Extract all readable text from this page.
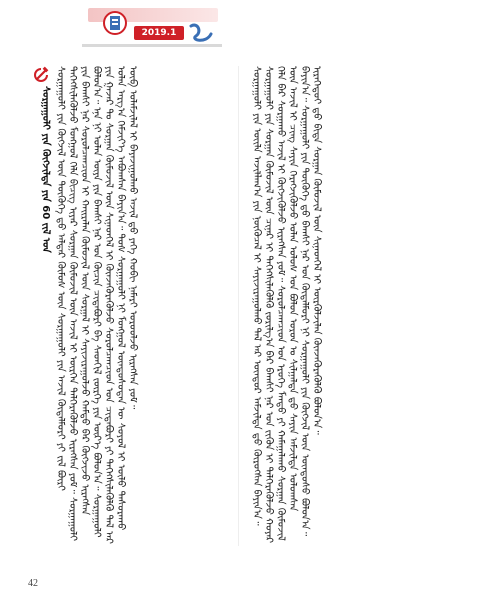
2019.1
ᠰᠤᠷᠭᠠᠭᠤᠯᠢ ᠶᠢᠨ ᠬᠥᠭᠵᠢᠯᠲᠡ ᠶᠢᠨ 60 ᠵᠢᠯ ᠤᠨ ᠰᠤᠷᠭᠠᠭᠤᠯᠢ ᠶᠢᠨ ᠬᠥᠭᠵᠢᠯ ᠦᠨ ᠲᠦᠭᠦᠬᠡ ᠳ᠋ᠦ ᠠᠯᠳᠠᠷ ᠬᠦᠮᠦᠰ ᠦᠨ ᠰᠤᠷᠭᠠᠭᠤᠯᠢ ᠶᠢᠨ ᠠᠵᠢᠯ ᠬᠥᠳᠡᠯᠮᠦᠷᠢ ᠶᠢ ᠵᠢᠯ ᠪᠦᠷᠢ ᠳᠡᠭᠡᠭᠰᠢᠯᠡᠭᠦᠯᠵᠦ ᠮᠣᠩᠭᠣᠯ ᠬᠡᠯᠡ ᠪᠢᠴᠢᠭ ᠢᠶᠡᠷ ᠰᠤᠷᠭᠠᠨ ᠬᠦᠮᠦᠵᠢᠯ ᠦᠨ ᠠᠵᠢᠯ ᠢ ᠥᠷᠭᠡᠨ ᠳᠡᠯᠭᠡᠷᠡᠭᠦᠯᠵᠦ ᠢᠷᠡᠭᠰᠡᠨ ᠶᠤᠮ᠃ ᠰᠤᠷᠭᠠᠭᠤᠯᠢ ᠶᠢᠨ ᠪᠠᠭᠰᠢ ᠨᠠᠷ ᠰᠤᠷᠤᠯᠴᠠᠭᠴᠢᠳ ᠢ ᠬᠠᠢᠷᠠᠯᠠᠨ ᠬᠦᠮᠦᠵᠢᠯ ᠦᠨ ᠰᠤᠷᠭᠠᠯ ᠢ ᠰᠠᠶᠢᠵᠢᠷᠠᠭᠤᠯᠵᠤ ᠬᠠᠮᠲᠤ ᠪᠡᠷ ᠬᠥᠭᠵᠢᠵᠦ ᠢᠷᠡᠭᠰᠡᠨ ᠪᠣᠯᠤᠨ᠎ᠠ᠃ ᠡᠨᠡ ᠨᠢ ᠣᠯᠠᠨ ᠦᠶᠡ ᠶᠢᠨ ᠪᠠᠭᠰᠢ ᠨᠠᠷ ᠤᠨ ᠬᠦᠴᠢᠨ ᠴᠢᠳᠠᠪᠤᠷᠢ ᠪᠠ ᠰᠡᠳᠬᠢᠯ ᠵᠦᠷᠬᠡ ᠶᠢᠨ ᠦᠷ᠎ᠡ ᠪᠣᠯᠤᠨ᠎ᠠ᠃ ᠰᠤᠷᠭᠠᠭᠤᠯᠢ ᠶᠢᠨ ᠭᠠᠵᠠᠷ ᠲᠤ ᠰᠤᠷᠭᠠᠨ ᠬᠦᠮᠦᠵᠢᠯ ᠦᠨ ᠰᠢᠨᠡᠳᠬᠡᠯ ᠢ ᠭᠦᠨᠵᠡᠭᠦᠷᠡᠭᠦᠯᠵᠦ ᠰᠤᠷᠤᠯᠴᠠᠭᠴᠢᠳ ᠤᠨ ᠴᠢᠳᠠᠪᠤᠷᠢ ᠶᠢ ᠳᠡᠭᠡᠭᠰᠢᠯᠡᠭᠦᠯᠬᠦ ᠲᠠᠯ ᠠᠷ ᠣᠯᠠᠨ ᠠᠷᠭ᠎ᠠ ᠬᠡᠮᠵᠢᠶ᠎ᠡ ᠠᠪᠤᠭᠰᠠᠨ ᠪᠠᠶᠢᠨ᠎ᠠ᠃ ᠲᠤᠰ ᠰᠤᠷᠭᠠᠭᠤᠯᠢ ᠨᠢ ᠮᠣᠩᠭᠣᠯ ᠦᠨᠳᠦᠰᠦᠲᠡᠨ ᠦ ᠰᠣᠶᠣᠯ ᠢ ᠦᠯᠦ ᠲᠠᠰᠤᠷᠠᠬᠤ ᠥᠪ ᠤᠯᠠᠮᠵᠢᠯᠠᠯ ᠢ ᠪᠠᠶᠠᠵᠢᠭᠤᠯᠬᠤ ᠠᠵᠢᠯ ᠳ᠋ᠤ ᠶᠡᠬᠡ ᠬᠤᠪᠢ ᠨᠡᠮᠡᠷᠢ ᠣᠷᠤᠤᠯᠵᠤ ᠢᠷᠡᠭᠰᠡᠨ ᠶᠤᠮ᠃	ᠰᠤᠷᠭᠠᠭᠤᠯᠢ ᠶᠢᠨ ᠦᠢᠯᠡ ᠠᠵᠢᠯᠯᠠᠭ᠎ᠠ ᠶᠢᠨ ᠨᠥᠬᠥᠴᠡᠯ ᠢ ᠰᠠᠶᠢᠵᠢᠷᠠᠭᠤᠯᠬᠤ ᠲᠠᠯ ᠠᠷ ᠥᠨᠳᠥᠷ ᠠᠮᠵᠢᠯᠲᠠ ᠳ᠋ᠤ ᠬᠦᠷᠦᠭᠰᠡᠨ ᠪᠠᠶᠢᠨ᠎ᠠ᠃ ᠰᠤᠷᠭᠠᠭᠤᠯᠢ ᠶᠢᠨ ᠰᠤᠷᠭᠠᠨ ᠬᠦᠮᠦᠵᠢᠯ ᠦᠨ ᠴᠢᠨᠠᠷ ᠢ ᠳᠡᠭᠡᠭᠰᠢᠯᠡᠭᠦᠯᠬᠦ ᠵᠣᠷᠢᠯᠭ᠎ᠠ ᠪᠠᠷ ᠪᠠᠭᠰᠢ ᠨᠠᠷ ᠤᠨ ᠵᠢᠭᠦᠨ ᠢ ᠲᠡᠯᠭᠡᠷᠡᠭᠦᠯᠵᠦ ᠬᠣᠶᠠᠷ ᠬᠡᠯᠡ ᠪᠡᠷ ᠰᠤᠷᠭᠠᠬᠤ ᠠᠵᠢᠯ ᠢ ᠬᠥᠭᠵᠢᠭᠦᠯᠵᠦ ᠢᠷᠡᠭᠰᠡᠨ ᠶᠤᠮ᠃ ᠰᠤᠷᠤᠯᠴᠠᠭᠴᠢᠳ ᠤᠨ ᠡᠷᠦᠬᠡ ᠮᠡᠨᠳᠦ ᠶᠢ ᠬᠠᠮᠠᠭᠠᠯᠠᠬᠤ ᠰᠤᠷᠭᠠᠨ ᠬᠦᠮᠦᠵᠢᠯ ᠦᠨ ᠠᠵᠢᠯ ᠢ ᠴᠢᠩ ᠰᠠᠶᠢᠨ ᠬᠡᠷᠡᠭᠵᠢᠭᠦᠯᠵᠦ ᠣᠯᠠᠨ ᠤᠯᠤᠰ ᠤᠨ ᠪᠣᠯᠤᠨ ᠣᠷᠣᠨ ᠤ ᠰᠢᠯᠭᠠᠯᠲᠠ ᠳ᠋ᠤ ᠰᠠᠶᠢᠨ ᠠᠮᠵᠢᠯᠲᠠ ᠣᠯᠤᠭᠰᠠᠨ ᠪᠠᠶᠢᠨ᠎ᠠ᠃ ᠰᠤᠷᠭᠠᠭᠤᠯᠢ ᠶᠢᠨ ᠲᠦᠭᠦᠬᠡ ᠳ᠋ᠦ ᠪᠠᠭᠰᠢ ᠨᠠᠷ ᠤᠨ ᠬᠥᠳᠡᠯᠮᠦᠷᠢ ᠨᠢ ᠰᠤᠷᠭᠠᠭᠤᠯᠢ ᠶᠢᠨ ᠬᠥᠭᠵᠢᠯ ᠦᠨ ᠦᠨᠳᠦᠰᠦ ᠪᠣᠯᠤᠨ᠎ᠠ᠃ ᠢᠷᠡᠭᠡᠳᠦᠢ ᠳ᠋ᠦ ᠪᠢᠳᠡ ᠰᠤᠷᠭᠠᠨ ᠬᠦᠮᠦᠵᠢᠯ ᠦᠨ ᠰᠢᠨᠡᠳᠬᠡᠯ ᠢ ᠦᠷᠭᠦᠯᠵᠢᠯᠡᠨ ᠭᠦᠨᠵᠡᠭᠦᠷᠡᠭᠦᠯᠬᠦ ᠪᠣᠯᠤᠨ᠎ᠠ᠃
42
